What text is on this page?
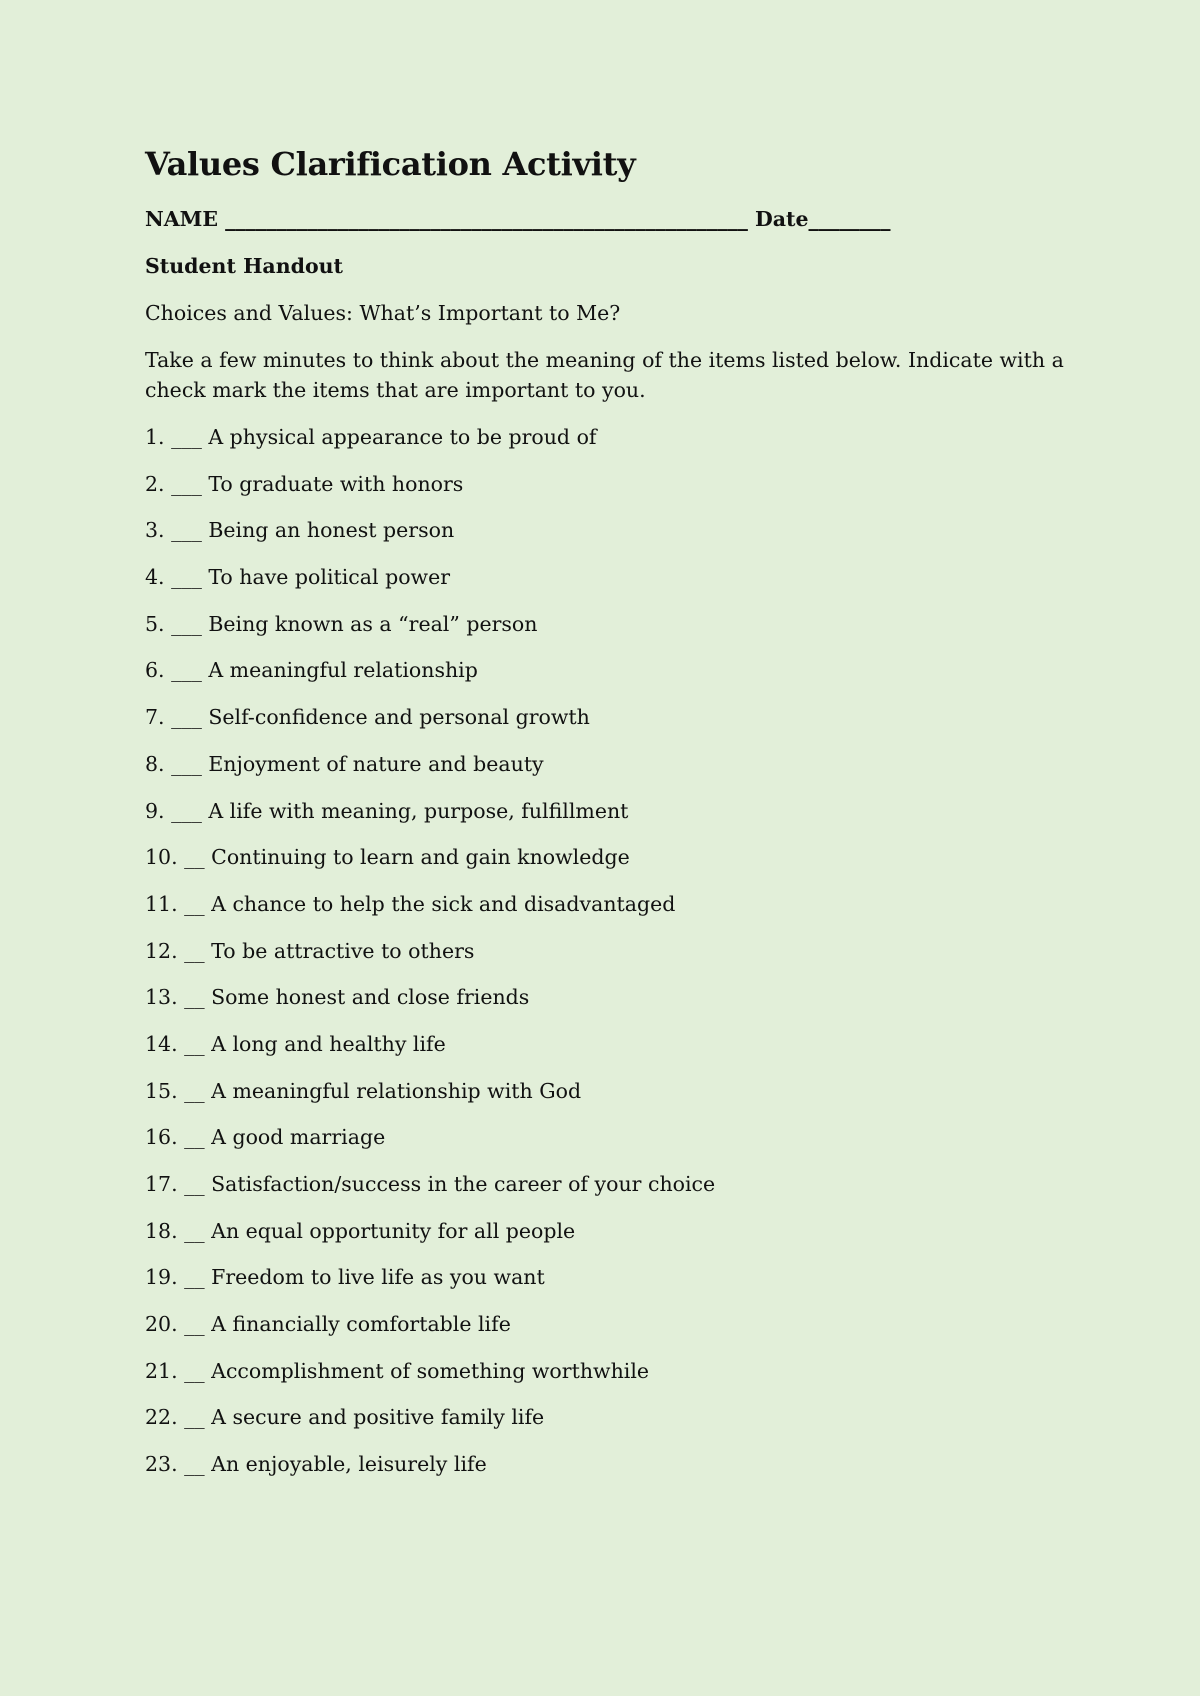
Values Clarification Activity
NAME ___________________________________________________ Date________
Student Handout
Choices and Values: What’s Important to Me?
Take a few minutes to think about the meaning of the items listed below. Indicate with a check mark the items that are important to you.
1. ___ A physical appearance to be proud of
2. ___ To graduate with honors
3. ___ Being an honest person
4. ___ To have political power
5. ___ Being known as a “real” person
6. ___ A meaningful relationship
7. ___ Self-confidence and personal growth
8. ___ Enjoyment of nature and beauty
9. ___ A life with meaning, purpose, fulfillment
10. __ Continuing to learn and gain knowledge
11. __ A chance to help the sick and disadvantaged
12. __ To be attractive to others
13. __ Some honest and close friends
14. __ A long and healthy life
15. __ A meaningful relationship with God
16. __ A good marriage
17. __ Satisfaction/success in the career of your choice
18. __ An equal opportunity for all people
19. __ Freedom to live life as you want
20. __ A financially comfortable life
21. __ Accomplishment of something worthwhile
22. __ A secure and positive family life
23. __ An enjoyable, leisurely life
